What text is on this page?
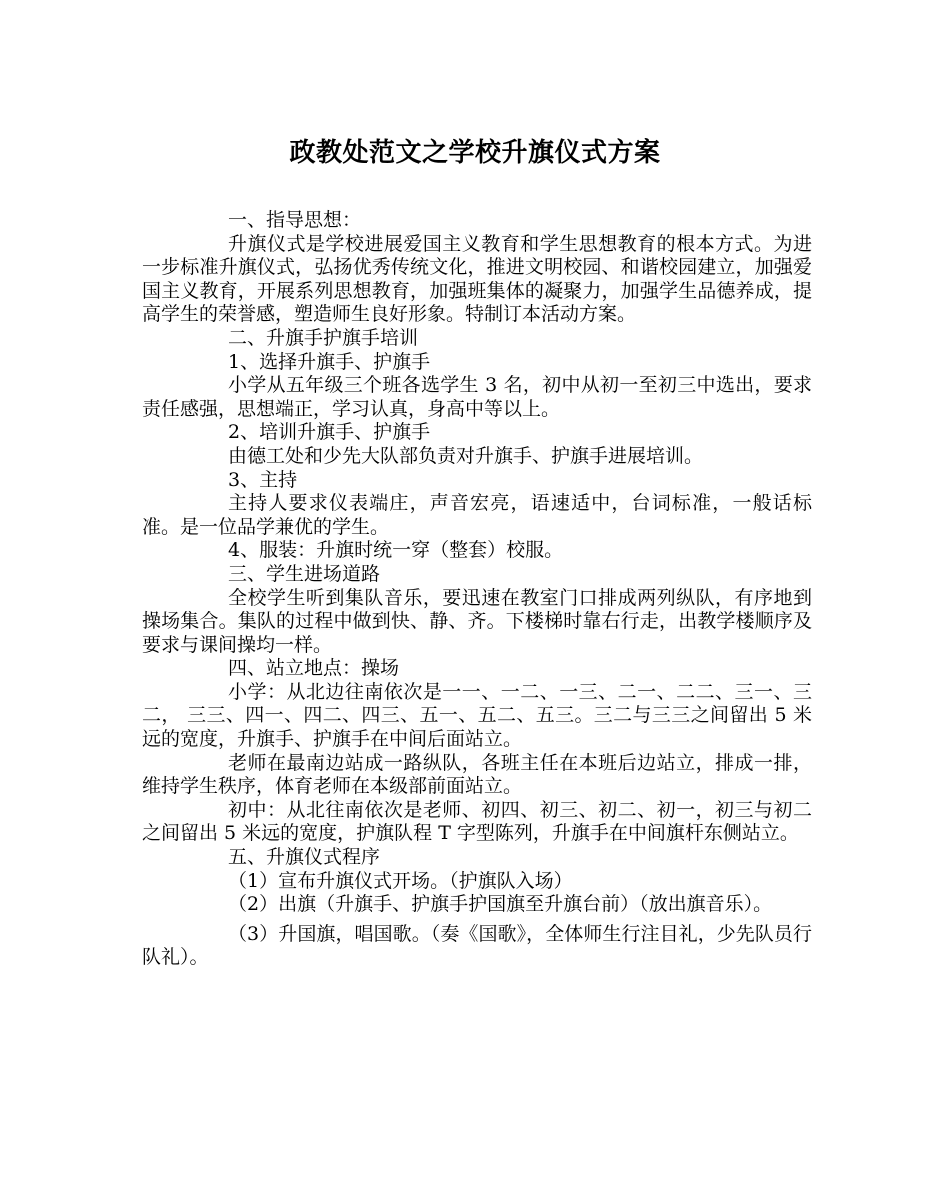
政教处范文之学校升旗仪式方案

一、指导思想：

升旗仪式是学校进展爱国主义教育和学生思想教育的根本方式。为进一步标准升旗仪式，弘扬优秀传统文化，推进文明校园、和谐校园建立，加强爱国主义教育，开展系列思想教育，加强班集体的凝聚力，加强学生品德养成，提高学生的荣誉感，塑造师生良好形象。特制订本活动方案。

二、升旗手护旗手培训

1、选择升旗手、护旗手

小学从五年级三个班各选学生 3 名，初中从初一至初三中选出，要求责任感强，思想端正，学习认真，身高中等以上。

2、培训升旗手、护旗手

由德工处和少先大队部负责对升旗手、护旗手进展培训。

3、主持

主持人要求仪表端庄，声音宏亮，语速适中，台词标准，一般话标准。是一位品学兼优的学生。

4、服装：升旗时统一穿（整套）校服。

三、学生进场道路

全校学生听到集队音乐，要迅速在教室门口排成两列纵队，有序地到操场集合。集队的过程中做到快、静、齐。下楼梯时靠右行走，出教学楼顺序及要求与课间操均一样。

四、站立地点：操场

小学：从北边往南依次是一一、一二、一三、二一、二二、三一、三二， 三三、四一、四二、四三、五一、五二、五三。三二与三三之间留出 5 米远的宽度，升旗手、护旗手在中间后面站立。

老师在最南边站成一路纵队，各班主任在本班后边站立，排成一排，维持学生秩序，体育老师在本级部前面站立。

初中：从北往南依次是老师、初四、初三、初二、初一，初三与初二之间留出 5 米远的宽度，护旗队程 T 字型陈列，升旗手在中间旗杆东侧站立。

五、升旗仪式程序

（1）宣布升旗仪式开场。（护旗队入场）

（2）出旗（升旗手、护旗手护国旗至升旗台前）（放出旗音乐）。

（3）升国旗，唱国歌。（奏《国歌》，全体师生行注目礼，少先队员行队礼）。
